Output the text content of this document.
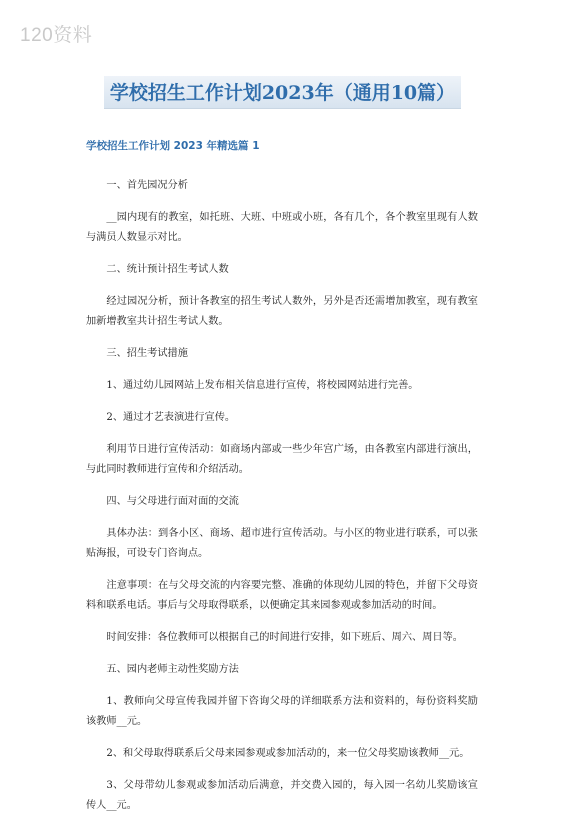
120资料
学校招生工作计划2023年（通用10篇）
学校招生工作计划 2023 年精选篇 1

一、首先园况分析

__园内现有的教室，如托班、大班、中班或小班，各有几个，各个教室里现有人数与满员人数显示对比。

二、统计预计招生考试人数

经过园况分析，预计各教室的招生考试人数外，另外是否还需增加教室，现有教室加新增教室共计招生考试人数。

三、招生考试措施

1、通过幼儿园网站上发布相关信息进行宣传，将校园网站进行完善。

2、通过才艺表演进行宣传。

利用节日进行宣传活动：如商场内部或一些少年宫广场，由各教室内部进行演出，与此同时教师进行宣传和介绍活动。

四、与父母进行面对面的交流

具体办法：到各小区、商场、超市进行宣传活动。与小区的物业进行联系，可以张贴海报，可设专门咨询点。

注意事项：在与父母交流的内容要完整、准确的体现幼儿园的特色，并留下父母资料和联系电话。事后与父母取得联系，以便确定其来园参观或参加活动的时间。

时间安排：各位教师可以根据自己的时间进行安排，如下班后、周六、周日等。

五、园内老师主动性奖励方法

1、教师向父母宣传我园并留下咨询父母的详细联系方法和资料的，每份资料奖励该教师__元。

2、和父母取得联系后父母来园参观或参加活动的，来一位父母奖励该教师__元。

3、父母带幼儿参观或参加活动后满意，并交费入园的，每入园一名幼儿奖励该宣传人__元。
